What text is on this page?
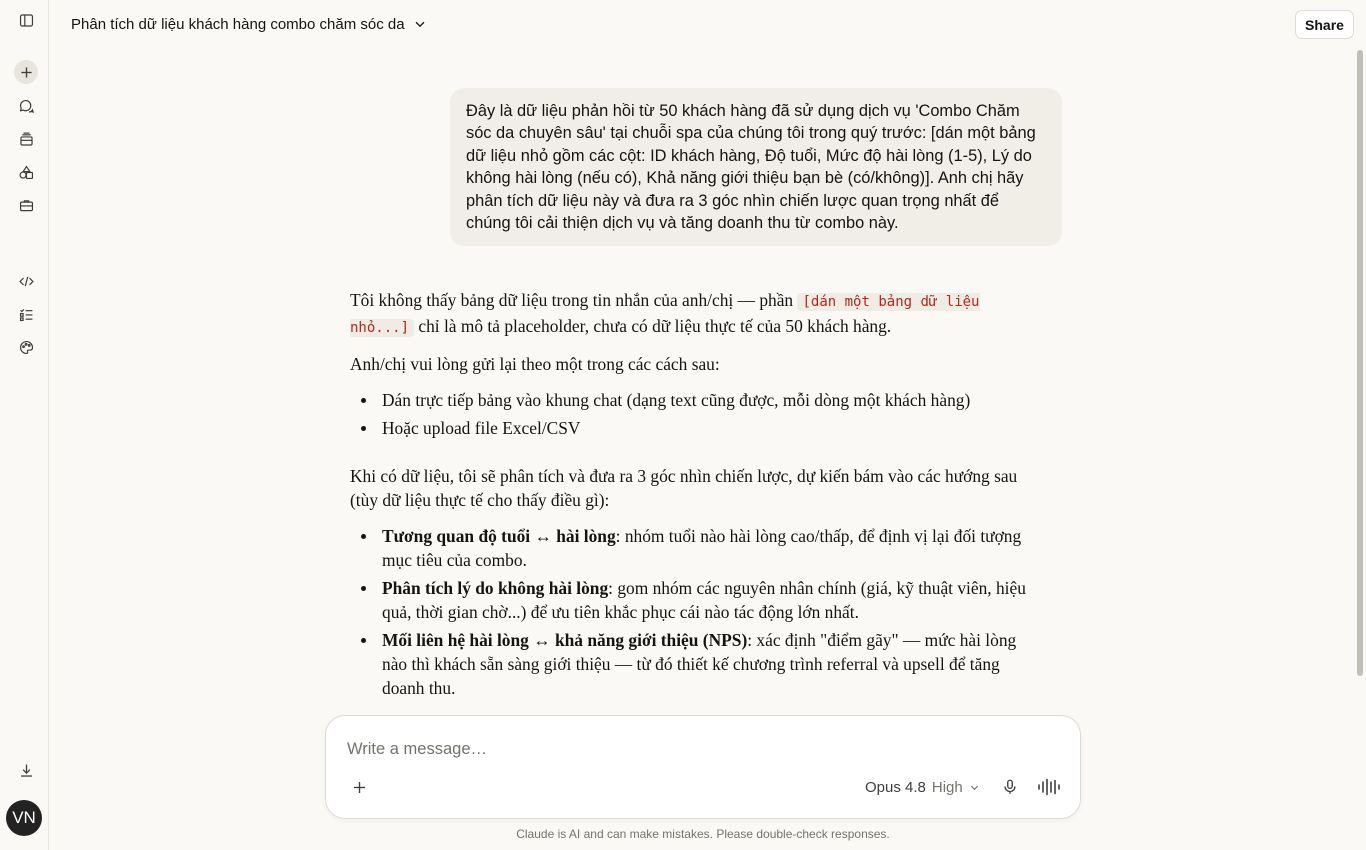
VN
Phân tích dữ liệu khách hàng combo chăm sóc da	Share
Đây là dữ liệu phản hồi từ 50 khách hàng đã sử dụng dịch vụ 'Combo Chăm sóc da chuyên sâu' tại chuỗi spa của chúng tôi trong quý trước: [dán một bảng dữ liệu nhỏ gồm các cột: ID khách hàng, Độ tuổi, Mức độ hài lòng (1-5), Lý do không hài lòng (nếu có), Khả năng giới thiệu bạn bè (có/không)]. Anh chị hãy phân tích dữ liệu này và đưa ra 3 góc nhìn chiến lược quan trọng nhất để chúng tôi cải thiện dịch vụ và tăng doanh thu từ combo này.

Tôi không thấy bảng dữ liệu trong tin nhắn của anh/chị — phần [dán một bảng dữ liệu nhỏ...] chỉ là mô tả placeholder, chưa có dữ liệu thực tế của 50 khách hàng.

Anh/chị vui lòng gửi lại theo một trong các cách sau:

Dán trực tiếp bảng vào khung chat (dạng text cũng được, mỗi dòng một khách hàng)
Hoặc upload file Excel/CSV

Khi có dữ liệu, tôi sẽ phân tích và đưa ra 3 góc nhìn chiến lược, dự kiến bám vào các hướng sau (tùy dữ liệu thực tế cho thấy điều gì):

Tương quan độ tuổi ↔ hài lòng: nhóm tuổi nào hài lòng cao/thấp, để định vị lại đối tượng mục tiêu của combo.
Phân tích lý do không hài lòng: gom nhóm các nguyên nhân chính (giá, kỹ thuật viên, hiệu quả, thời gian chờ...) để ưu tiên khắc phục cái nào tác động lớn nhất.
Mối liên hệ hài lòng ↔ khả năng giới thiệu (NPS): xác định "điểm gãy" — mức hài lòng nào thì khách sẵn sàng giới thiệu — từ đó thiết kế chương trình referral và upsell để tăng doanh thu.
Write a message…
Opus 4.8 High
Claude is AI and can make mistakes. Please double-check responses.
